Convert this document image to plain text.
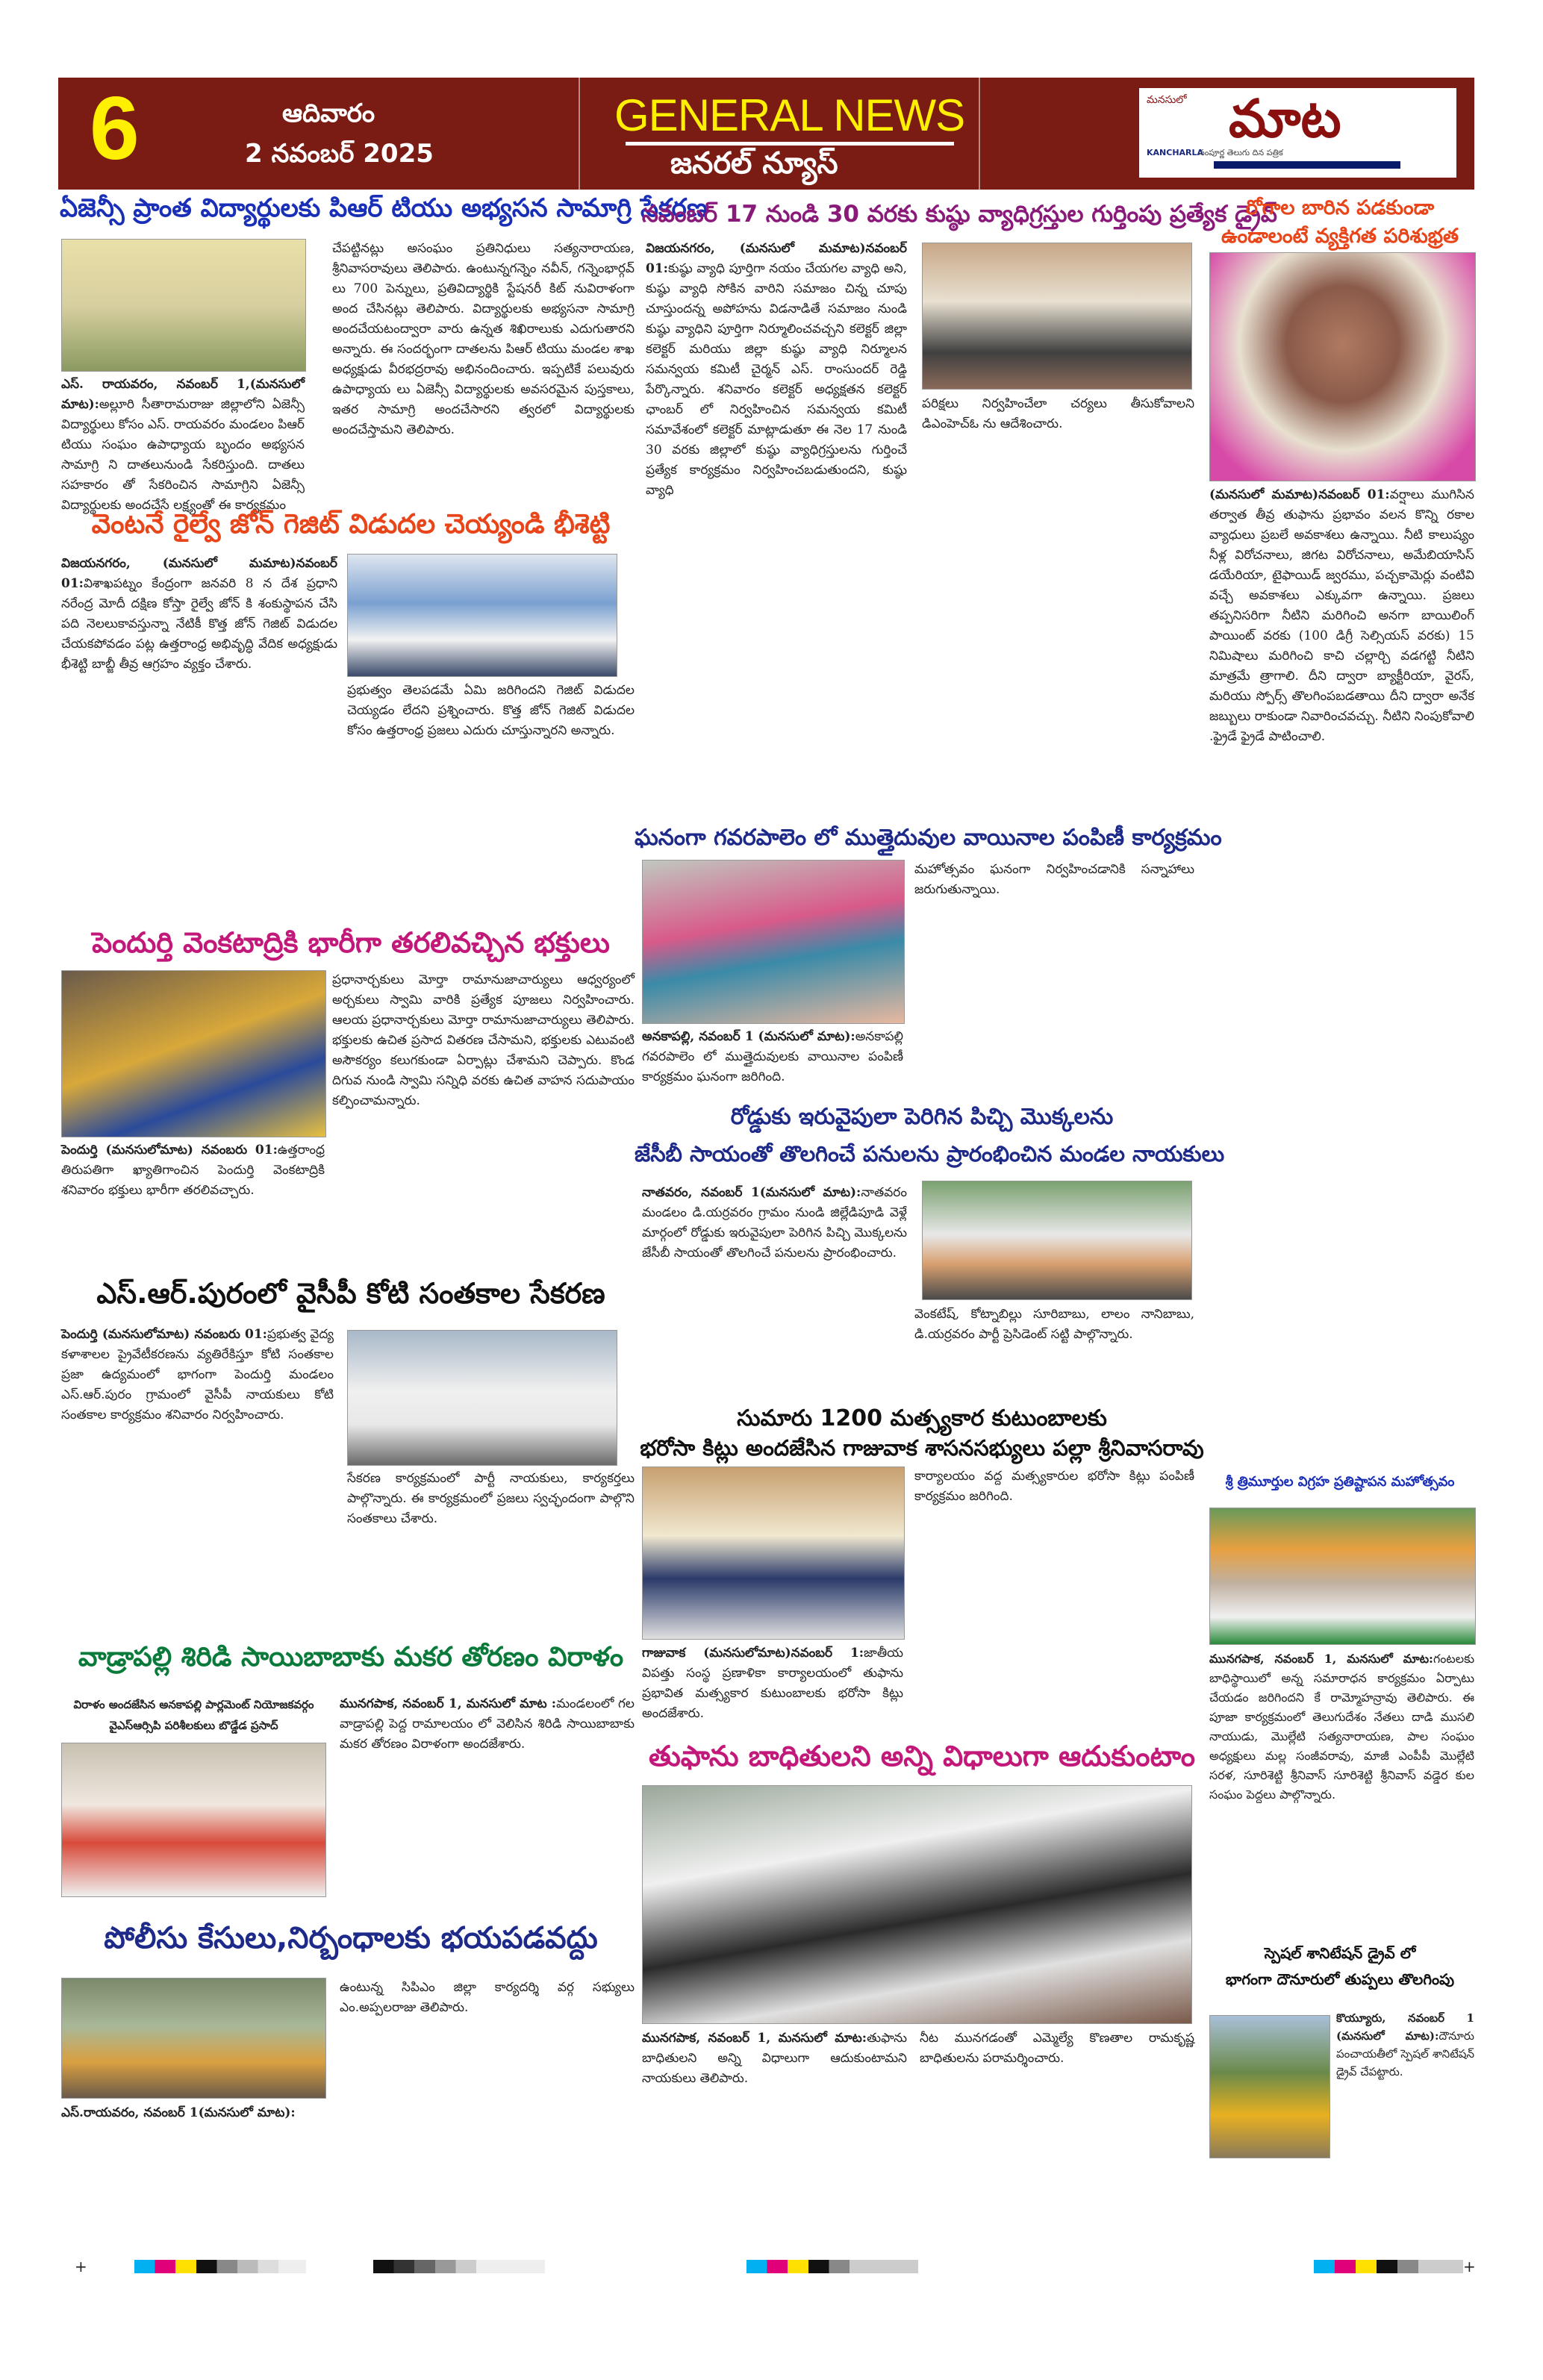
6	ఆదివారం
2 నవంబర్ 2025
GENERAL NEWS
జనరల్ న్యూస్
మనసులో మాట
KANCHARLA
సంపూర్ణ తెలుగు దిన పత్రిక
ఏజెన్సీ ప్రాంత విద్యార్థులకు పిఆర్ టియు అభ్యసన సామాగ్రి సేకరణ
ఎస్. రాయవరం, నవంబర్ 1,(మనసులో మాట):అల్లూరి సీతారామరాజు జిల్లాలోని ఏజెన్సీ విద్యార్థులు కోసం ఎస్. రాయవరం మండలం పిఆర్ టియు సంఘం ఉపాధ్యాయ బృందం అభ్యసన సామాగ్రి ని దాతలునుండి సేకరిస్తుంది. దాతలు సహకారం తో సేకరించిన సామాగ్రిని ఏజెన్సీ విద్యార్థులకు అందచేసే లక్ష్యంతో ఈ కార్యక్రమం
చేపట్టినట్లు అసంఘం ప్రతినిధులు సత్యనారాయణ, శ్రీనివాసరావులు తెలిపారు. ఉంటున్నగన్నెం నవీన్, గన్నెంభార్గవ్ లు 700 పెన్నులు, ప్రతివిద్యార్థికి స్టేషనరీ కిట్ నువిరాళంగా అంద చేసినట్లు తెలిపారు. విద్యార్థులకు అభ్యసనా సామాగ్రి అందచేయటంద్వారా వారు ఉన్నత శిఖిరాలుకు ఎదుగుతారని అన్నారు. ఈ సందర్భంగా దాతలను పిఆర్ టియు మండల శాఖ అధ్యక్షుడు వీరభద్రరావు అభినందించారు. ఇప్పటికే పలువురు ఉపాధ్యాయ లు ఏజెన్సీ విద్యార్థులకు అవసరమైన పుస్తకాలు, ఇతర సామాగ్రి అందచేసారని త్వరలో విద్యార్థులకు అందచేస్తామని తెలిపారు.
వెంటనే రైల్వే జోన్ గెజిట్ విడుదల చెయ్యండి భీశెట్టి
విజయనగరం, (మనసులో మమాట)నవంబర్ 01:విశాఖపట్నం కేంద్రంగా జనవరి 8 న దేశ ప్రధాని నరేంద్ర మోదీ దక్షిణ కోస్తా రైల్వే జోన్ కి శంకుస్థాపన చేసి పది నెలలుకావస్తున్నా నేటికీ కొత్త జోన్ గెజిట్ విడుదల చేయకపోవడం పట్ల ఉత్తరాంధ్ర అభివృద్ధి వేదిక అధ్యక్షుడు భీశెట్టి బాబ్జీ తీవ్ర ఆగ్రహం వ్యక్తం చేశారు.
ప్రభుత్వం తెలపడమే ఏమి జరిగిందని గెజిట్ విడుదల చెయ్యడం లేదని ప్రశ్నించారు. కొత్త జోన్ గెజిట్ విడుదల కోసం ఉత్తరాంధ్ర ప్రజలు ఎదురు చూస్తున్నారని అన్నారు.
పెందుర్తి వెంకటాద్రికి భారీగా తరలివచ్చిన భక్తులు
పెందుర్తి (మనసులోమాట) నవంబరు 01:ఉత్తరాంధ్ర తిరుపతిగా ఖ్యాతిగాంచిన పెందుర్తి వెంకటాద్రికి శనివారం భక్తులు భారీగా తరలివచ్చారు.
ప్రధానార్చకులు మోర్తా రామానుజాచార్యులు ఆధ్వర్యంలో అర్చకులు స్వామి వారికి ప్రత్యేక పూజలు నిర్వహించారు. ఆలయ ప్రధానార్చకులు మోర్తా రామానుజాచార్యులు తెలిపారు. భక్తులకు ఉచిత ప్రసాద వితరణ చేసామని, భక్తులకు ఎటువంటి అసౌకర్యం కలుగకుండా ఏర్పాట్లు చేశామని చెప్పారు. కొండ దిగువ నుండి స్వామి సన్నిధి వరకు ఉచిత వాహన సదుపాయం కల్పించామన్నారు.
ఎస్.ఆర్.పురంలో వైసీపీ కోటి సంతకాల సేకరణ
పెందుర్తి (మనసులోమాట) నవంబరు 01:ప్రభుత్వ వైద్య కళాశాలల ప్రైవేటీకరణను వ్యతిరేకిస్తూ కోటి సంతకాల ప్రజా ఉద్యమంలో భాగంగా పెందుర్తి మండలం ఎస్.ఆర్.పురం గ్రామంలో వైసీపీ నాయకులు కోటి సంతకాల కార్యక్రమం శనివారం నిర్వహించారు.
సేకరణ కార్యక్రమంలో పార్టీ నాయకులు, కార్యకర్తలు పాల్గొన్నారు. ఈ కార్యక్రమంలో ప్రజలు స్వచ్ఛందంగా పాల్గొని సంతకాలు చేశారు.
వాడ్రాపల్లి శిరిడి సాయిబాబాకు మకర తోరణం విరాళం
విరాళం అందజేసిన అనకాపల్లి పార్లమెంట్ నియోజకవర్గం వైఎస్ఆర్సిపి పరిశీలకులు బొడ్డేడ ప్రసాద్
మునగపాక, నవంబర్ 1, మనసులో మాట :మండలంలో గల వాడ్రాపల్లి పెద్ద రామాలయం లో వెలిసిన శిరిడి సాయిబాబాకు మకర తోరణం విరాళంగా అందజేశారు.
పోలీసు కేసులు,నిర్బంధాలకు భయపడవద్దు
ఎస్.రాయవరం, నవంబర్ 1(మనసులో మాట):
ఉంటున్న సిపిఎం జిల్లా కార్యదర్శి వర్గ సభ్యులు ఎం.అప్పలరాజు తెలిపారు.
నవంబర్ 17 నుండి 30 వరకు కుష్ఠు వ్యాధిగ్రస్తుల గుర్తింపు ప్రత్యేక డ్రైవ్
విజయనగరం, (మనసులో మమాట)నవంబర్ 01:కుష్ఠు వ్యాధి పూర్తిగా నయం చేయగల వ్యాధి అని, కుష్ఠు వ్యాధి సోకిన వారిని సమాజం చిన్న చూపు చూస్తుందన్న అపోహను విడనాడితే సమాజం నుండి కుష్ఠు వ్యాధిని పూర్తిగా నిర్మూలించవచ్చని కలెక్టర్ జిల్లా కలెక్టర్ మరియు జిల్లా కుష్ఠు వ్యాధి నిర్మూలన సమన్వయ కమిటీ చైర్మన్ ఎస్. రాంసుందర్ రెడ్డి పేర్కొన్నారు. శనివారం కలెక్టర్ అధ్యక్షతన కలెక్టర్ ఛాంబర్ లో నిర్వహించిన సమన్వయ కమిటీ సమావేశంలో కలెక్టర్ మాట్లాడుతూ ఈ నెల 17 నుండి 30 వరకు జిల్లాలో కుష్ఠు వ్యాధిగ్రస్తులను గుర్తించే ప్రత్యేక కార్యక్రమం నిర్వహించబడుతుందని, కుష్ఠు వ్యాధి
పరిక్షలు నిర్వహించేలా చర్యలు తీసుకోవాలని డిఎంహెచ్ఓ ను ఆదేశించారు.
ఘనంగా గవరపాలెం లో ముత్తైదువుల వాయినాల పంపిణీ కార్యక్రమం
అనకాపల్లి, నవంబర్ 1 (మనసులో మాట):అనకాపల్లి గవరపాలెం లో ముత్తైదువులకు వాయినాల పంపిణీ కార్యక్రమం ఘనంగా జరిగింది.
మహోత్సవం ఘనంగా నిర్వహించడానికి సన్నాహాలు జరుగుతున్నాయి.
రోడ్డుకు ఇరువైపులా పెరిగిన పిచ్చి మొక్కలను
జేసీబీ సాయంతో తొలగించే పనులను ప్రారంభించిన మండల నాయకులు
నాతవరం, నవంబర్ 1(మనసులో మాట):నాతవరం మండలం డి.యర్రవరం గ్రామం నుండి జిల్లేడిపూడి వెళ్లే మార్గంలో రోడ్డుకు ఇరువైపులా పెరిగిన పిచ్చి మొక్కలను జేసీబీ సాయంతో తొలగించే పనులను ప్రారంభించారు.
వెంకటేష్, కోట్నాబిల్లు సూరిబాబు, లాలం నానిబాబు, డి.యర్రవరం పార్టీ ప్రెసిడెంట్ సట్టి పాల్గొన్నారు.
సుమారు 1200 మత్స్యకార కుటుంబాలకు
భరోసా కిట్లు అందజేసిన గాజువాక శాసనసభ్యులు పల్లా శ్రీనివాసరావు
గాజువాక (మనసులోమాట)నవంబర్ 1:జాతీయ విపత్తు సంస్థ ప్రణాళికా కార్యాలయంలో తుఫాను ప్రభావిత మత్స్యకార కుటుంబాలకు భరోసా కిట్లు అందజేశారు.
కార్యాలయం వద్ద మత్స్యకారుల భరోసా కిట్లు పంపిణీ కార్యక్రమం జరిగింది.
తుఫాను బాధితులని అన్ని విధాలుగా ఆదుకుంటాం
మునగపాక, నవంబర్ 1, మనసులో మాట:తుఫాను బాధితులని అన్ని విధాలుగా ఆదుకుంటామని నాయకులు తెలిపారు.
నీట మునగడంతో ఎమ్మెల్యే కొణతాల రామకృష్ణ బాధితులను పరామర్శించారు.
రోగాల బారిన పడకుండా
ఉండాలంటే వ్యక్తిగత పరిశుభ్రత
(మనసులో మమాట)నవంబర్ 01:వర్షాలు ముగిసిన తర్వాత తీవ్ర తుఫాను ప్రభావం వలన కొన్ని రకాల వ్యాధులు ప్రబలే అవకాశలు ఉన్నాయి. నీటి కాలుష్యం నీళ్ల విరోచనాలు, జిగట విరోచనాలు, అమేబియాసిస్ డయేరియా, టైఫాయిడ్ జ్వరము, పచ్చకామెర్లు వంటివి వచ్చే అవకాశలు ఎక్కువగా ఉన్నాయి. ప్రజలు తప్పనిసరిగా నీటిని మరిగించి అనగా బాయిలింగ్ పాయింట్ వరకు (100 డిగ్రీ సెల్సియస్ వరకు) 15 నిమిషాలు మరిగించి కాచి చల్లార్చి వడగట్టి నీటిని మాత్రమే త్రాగాలి. దీని ద్వారా బ్యాక్టీరియా, వైరస్, మరియు స్పోర్స్ తొలగింపబడతాయి దీని ద్వారా అనేక జబ్బులు రాకుండా నివారించవచ్చు. నీటిని నింపుకోవాలి .ఫ్రైడే ఫ్రైడే పాటించాలి.
శ్రీ త్రిమూర్తుల విగ్రహ ప్రతిష్టాపన మహోత్సవం
మునగపాక, నవంబర్ 1, మనసులో మాట:గంటలకు బాధిస్థాయిలో అన్న సమారాధన కార్యక్రమం ఏర్పాటు చేయడం జరిగిందని కే రామ్మోహన్రావు తెలిపారు. ఈ పూజా కార్యక్రమంలో తెలుగుదేశం నేతలు దాడి ముసలి నాయుడు, మొల్లేటి సత్యనారాయణ, పాల సంఘం అధ్యక్షులు మల్ల సంజీవరావు, మాజీ ఎంపీపీ మొల్లేటి సరళ, సూరిశెట్టి శ్రీనివాస్ సూరిశెట్టి శ్రీనివాస్ వడ్డెర కుల సంఘం పెద్దలు పాల్గొన్నారు.
స్పెషల్ శానిటేషన్ డ్రైవ్ లో
భాగంగా దౌనూరులో తుప్పలు తొలగింపు
కొయ్యూరు, నవంబర్ 1 (మనసులో మాట):దౌనూరు పంచాయతీలో స్పెషల్ శానిటేషన్ డ్రైవ్ చేపట్టారు.
+	+
